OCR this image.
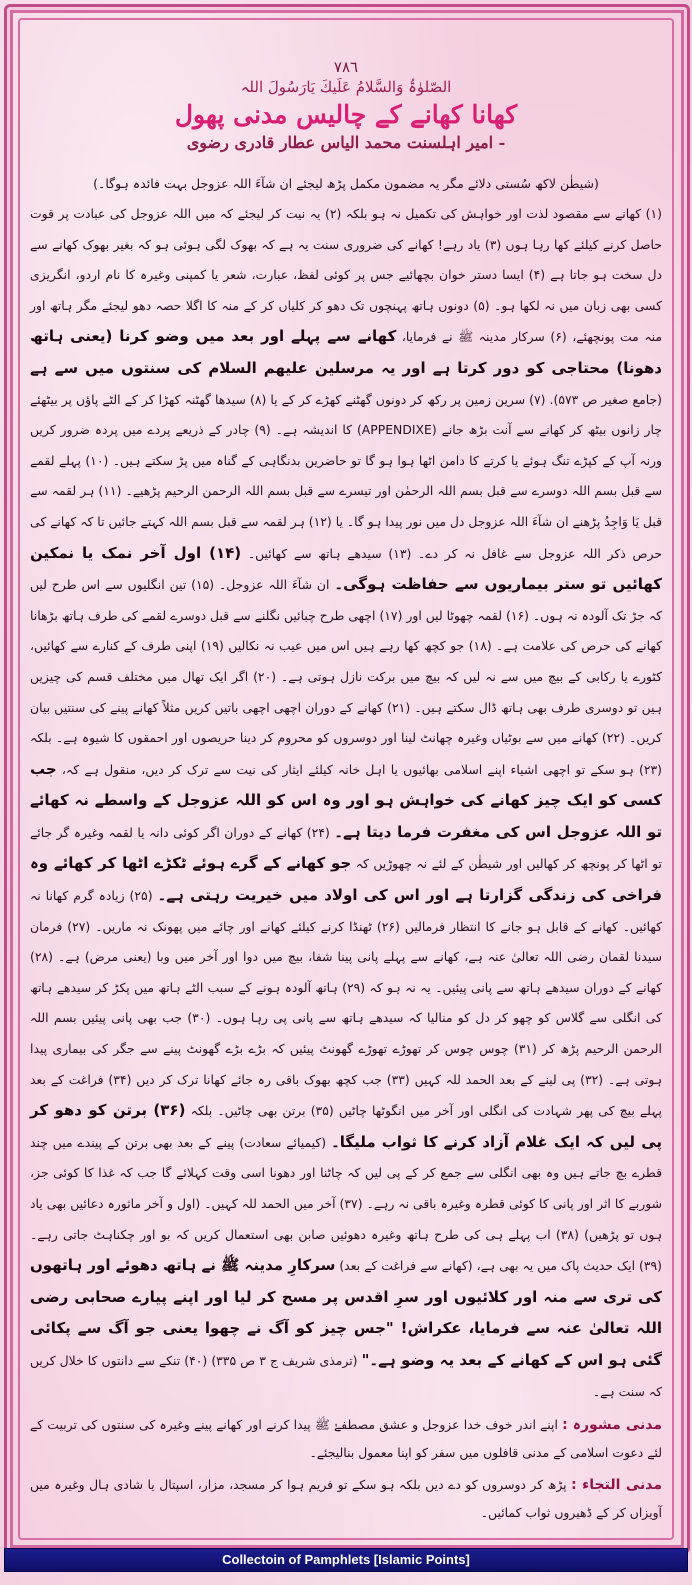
٧٨٦
الصّلوٰۃُ وَالسَّلامُ عَلَیكَ یَارَسُولَ اللہ
کھانا کھانے کے چالیس مدنی پھول
- امیر اہلسنت محمد الیاس عطار قادری رضوی
(شیطٰن لاکھ سُستی دلائے مگر یہ مضمون مکمل پڑھ لیجئے ان شآءَ اللہ عزوجل بہت فائدہ ہوگا۔)
(۱) کھانے سے مقصود لذت اور خواہش کی تکمیل نہ ہو بلکہ (۲) یہ نیت کر لیجئے کہ میں اللہ عزوجل کی عبادت پر قوت حاصل کرنے کیلئے کھا رہا ہوں (۳) یاد رہے! کھانے کی ضروری سنت یہ ہے کہ بھوک لگی ہوئی ہو کہ بغیر بھوک کھانے سے دل سخت ہو جاتا ہے (۴) ایسا دستر خوان بچھائیے جس پر کوئی لفظ، عبارت، شعر یا کمپنی وغیرہ کا نام اردو، انگریزی کسی بھی زبان میں نہ لکھا ہو۔ (۵) دونوں ہاتھ پہنچوں تک دھو کر کلیاں کر کے منہ کا اگلا حصہ دھو لیجئے مگر ہاتھ اور منہ مت پونچھئے، (۶) سرکار مدینہ ﷺ نے فرمایا، کھانے سے پہلے اور بعد میں وضو کرنا (یعنی ہاتھ دھونا) محتاجی کو دور کرتا ہے اور یہ مرسلین علیھم السلام کی سنتوں میں سے ہے (جامع صغیر ص ۵۷۳). (۷) سرین زمین پر رکھ کر دونوں گھٹنے کھڑے کر کے یا (۸) سیدھا گھٹنہ کھڑا کر کے الٹے پاؤں پر بیٹھئے چار زانوں بیٹھ کر کھانے سے آنت بڑھ جانے (APPENDIXE) کا اندیشہ ہے۔ (۹) چادر کے ذریعے پردے میں پردہ ضرور کریں ورنہ آپ کے کپڑے تنگ ہوئے یا کرتے کا دامن اٹھا ہوا ہو گا تو حاضرین بدنگاہی کے گناہ میں پڑ سکتے ہیں۔ (۱۰) پہلے لقمے سے قبل بسم اللہ دوسرے سے قبل بسم اللہ الرحمٰن اور تیسرے سے قبل بسم اللہ الرحمن الرحیم پڑھیے۔ (۱۱) ہر لقمہ سے قبل یَا وَاجِدُ پڑھنے ان شآءَ اللہ عزوجل دل میں نور پیدا ہو گا۔ یا (۱۲) ہر لقمہ سے قبل بسم اللہ کہتے جائیں تا کہ کھانے کی حرص ذکر اللہ عزوجل سے غافل نہ کر دے۔ (۱۳) سیدھے ہاتھ سے کھائیں۔ (۱۴) اول آخر نمک یا نمکین کھائیں تو ستر بیماریوں سے حفاظت ہوگی۔ ان شآءَ اللہ عزوجل۔ (۱۵) تین انگلیوں سے اس طرح لیں کہ جڑ تک آلودہ نہ ہوں۔ (۱۶) لقمہ چھوٹا لیں اور (۱۷) اچھی طرح چبائیں نگلنے سے قبل دوسرے لقمے کی طرف ہاتھ بڑھانا کھانے کی حرص کی علامت ہے۔ (۱۸) جو کچھ کھا رہے ہیں اس میں عیب نہ نکالیں (۱۹) اپنی طرف کے کنارے سے کھائیں، کٹورے یا رکابی کے بیچ میں سے نہ لیں کہ بیچ میں برکت نازل ہوتی ہے۔ (۲۰) اگر ایک تھال میں مختلف قسم کی چیزیں ہیں تو دوسری طرف بھی ہاتھ ڈال سکتے ہیں۔ (۲۱) کھانے کے دوران اچھی اچھی باتیں کریں مثلاً کھانے پینے کی سنتیں بیان کریں۔ (۲۲) کھانے میں سے بوٹیاں وغیرہ چھانٹ لینا اور دوسروں کو محروم کر دینا حریصوں اور احمقوں کا شیوہ ہے۔ بلکہ (۲۳) ہو سکے تو اچھی اشیاء اپنے اسلامی بھائیوں یا اہل خانہ کیلئے ایثار کی نیت سے ترک کر دیں، منقول ہے کہ، جب کسی کو ایک چیز کھانے کی خواہش ہو اور وہ اس کو اللہ عزوجل کے واسطے نہ کھائے تو اللہ عزوجل اس کی مغفرت فرما دیتا ہے۔ (۲۴) کھانے کے دوران اگر کوئی دانہ یا لقمہ وغیرہ گر جائے تو اٹھا کر پونچھ کر کھالیں اور شیطٰن کے لئے نہ چھوڑیں کہ جو کھانے کے گرے ہوئے ٹکڑے اٹھا کر کھائے وہ فراخی کی زندگی گزارتا ہے اور اس کی اولاد میں خیریت رہتی ہے۔ (۲۵) زیادہ گرم کھانا نہ کھائیں۔ کھانے کے قابل ہو جانے کا انتظار فرمالیں (۲۶) ٹھنڈا کرنے کیلئے کھانے اور چائے میں پھونک نہ ماریں۔ (۲۷) فرمان سیدنا لقمان رضی اللہ تعالیٰ عنہ ہے، کھانے سے پہلے پانی پینا شفا، بیچ میں دوا اور آخر میں وبا (یعنی مرض) ہے۔ (۲۸) کھانے کے دوران سیدھے ہاتھ سے پانی پیئیں۔ یہ نہ ہو کہ (۲۹) ہاتھ آلودہ ہونے کے سبب الٹے ہاتھ میں پکڑ کر سیدھے ہاتھ کی انگلی سے گلاس کو چھو کر دل کو منالیا کہ سیدھے ہاتھ سے پانی پی رہا ہوں۔ (۳۰) جب بھی پانی پیئیں بسم اللہ الرحمن الرحیم پڑھ کر (۳۱) چوس چوس کر تھوڑے تھوڑے گھونٹ پیئیں کہ بڑے بڑے گھونٹ پینے سے جگر کی بیماری پیدا ہوتی ہے۔ (۳۲) پی لینے کے بعد الحمد للہ کہیں (۳۳) جب کچھ بھوک باقی رہ جائے کھانا ترک کر دیں (۳۴) فراغت کے بعد پہلے بیچ کی پھر شہادت کی انگلی اور آخر میں انگوٹھا چاٹیں (۳۵) برتن بھی چاٹیں۔ بلکہ (۳۶) برتن کو دھو کر پی لیں کہ ایک غلام آزاد کرنے کا ثواب ملیگا۔ (کیمیائے سعادت) پینے کے بعد بھی برتن کے پیندے میں چند قطرے بچ جاتے ہیں وہ بھی انگلی سے جمع کر کے پی لیں کہ چاٹنا اور دھونا اسی وقت کہلائے گا جب کہ غذا کا کوئی جز، شوربے کا اثر اور پانی کا کوئی قطرہ وغیرہ باقی نہ رہے۔ (۳۷) آخر میں الحمد للہ کہیں۔ (اول و آخر ماثورہ دعائیں بھی یاد ہوں تو پڑھیں) (۳۸) اب پہلے ہی کی طرح ہاتھ وغیرہ دھوئیں صابن بھی استعمال کریں کہ بو اور چکناہٹ جاتی رہے۔ (۳۹) ایک حدیث پاک میں یہ بھی ہے، (کھانے سے فراغت کے بعد) سرکارِ مدینہ ﷺ نے ہاتھ دھوئے اور ہاتھوں کی تری سے منہ اور کلائیوں اور سرِ اقدس پر مسح کر لیا اور اپنے پیارے صحابی رضی اللہ تعالیٰ عنہ سے فرمایا، عکراش! "جس چیز کو آگ نے چھوا یعنی جو آگ سے پکائی گئی ہو اس کے کھانے کے بعد یہ وضو ہے۔" (ترمذی شریف ج ۳ ص ۳۳۵) (۴۰) تنکے سے دانتوں کا خلال کریں کہ سنت ہے۔
مدنی مشورہ : اپنے اندر خوف خدا عزوجل و عشق مصطفےٰ ﷺ پیدا کرنے اور کھانے پینے وغیرہ کی سنتوں کی تربیت کے لئے دعوت اسلامی کے مدنی قافلوں میں سفر کو اپنا معمول بنالیجئے۔
مدنی التجاء : پڑھ کر دوسروں کو دے دیں بلکہ ہو سکے تو فریم ہوا کر مسجد، مزار، اسپتال یا شادی ہال وغیرہ میں آویزاں کر کے ڈھیروں ثواب کمائیں۔
Collectoin of Pamphlets [Islamic Points]
